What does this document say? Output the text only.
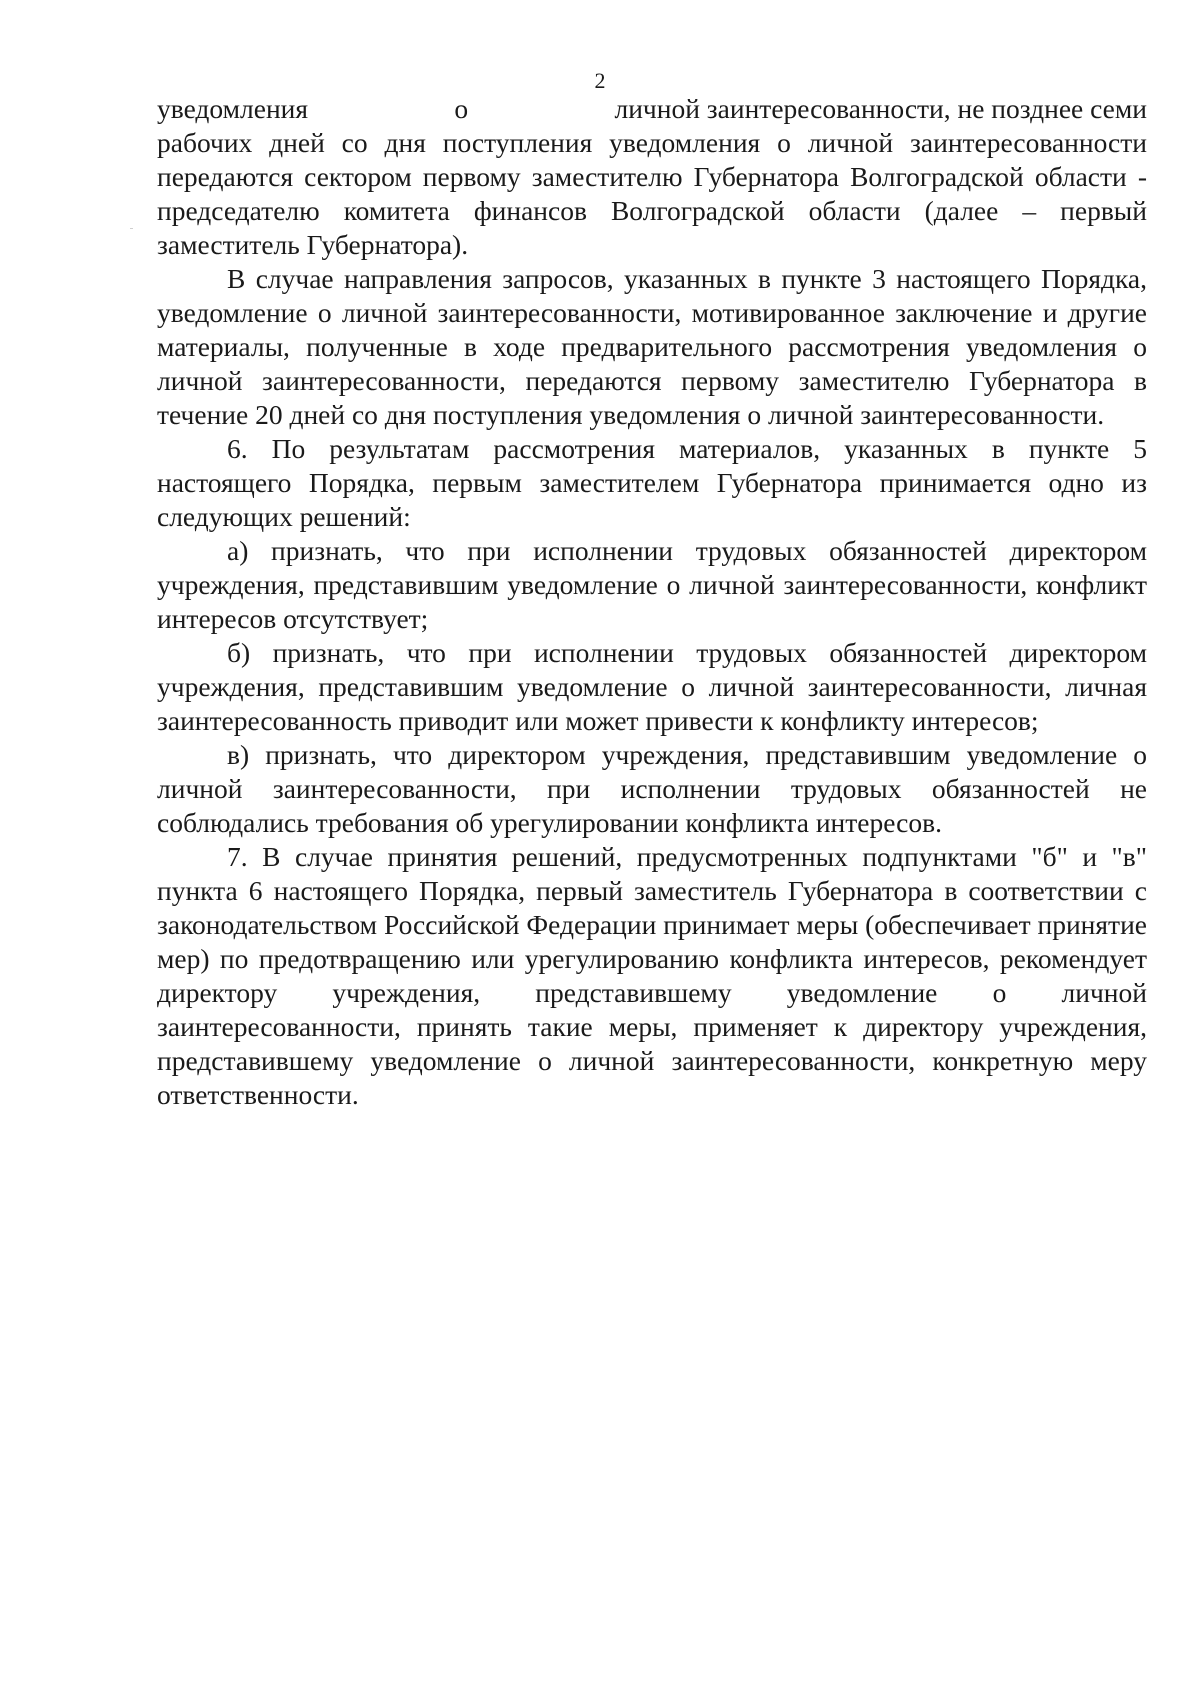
2
уведомления	о	личной заинтересованности, не позднее семи

рабочих дней со дня поступления уведомления о личной заинтересованности передаются сектором первому заместителю Губернатора Волгоградской области - председателю комитета финансов Волгоградской области (далее – первый заместитель Губернатора).

В случае направления запросов, указанных в пункте 3 настоящего Порядка, уведомление о личной заинтересованности, мотивированное заключение и другие материалы, полученные в ходе предварительного рассмотрения уведомления о личной заинтересованности, передаются первому заместителю Губернатора в течение 20 дней со дня поступления уведомления о личной заинтересованности.

6. По результатам рассмотрения материалов, указанных в пункте 5 настоящего Порядка, первым заместителем Губернатора принимается одно из следующих решений:

а) признать, что при исполнении трудовых обязанностей директором учреждения, представившим уведомление о личной заинтересованности, конфликт интересов отсутствует;

б) признать, что при исполнении трудовых обязанностей директором учреждения, представившим уведомление о личной заинтересованности, личная заинтересованность приводит или может привести к конфликту интересов;

в) признать, что директором учреждения, представившим уведомление о личной заинтересованности, при исполнении трудовых обязанностей не соблюдались требования об урегулировании конфликта интересов.

7. В случае принятия решений, предусмотренных подпунктами "б" и "в" пункта 6 настоящего Порядка, первый заместитель Губернатора в соответствии с законодательством Российской Федерации принимает меры (обеспечивает принятие мер) по предотвращению или урегулированию конфликта интересов, рекомендует директору учреждения, представившему уведомление о личной заинтересованности, принять такие меры, применяет к директору учреждения, представившему уведомление о личной заинтересованности, конкретную меру ответственности.
